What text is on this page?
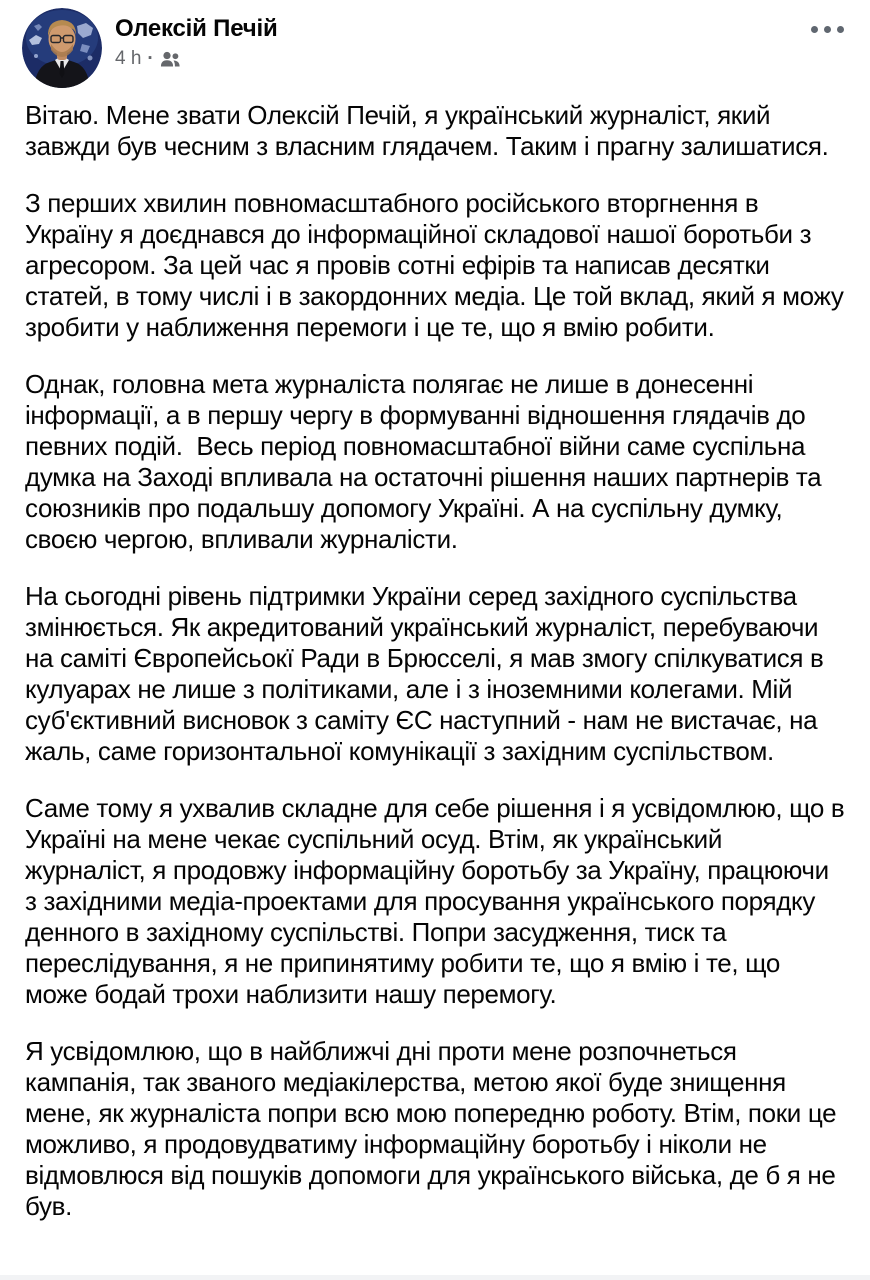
Олексій Печій
4 h ·

Вітаю. Мене звати Олексій Печій, я український журналіст, який завжди був чесним з власним глядачем. Таким і прагну залишатися.

З перших хвилин повномасштабного російського вторгнення в Україну я доєднався до інформаційної складової нашої боротьби з агресором. За цей час я провів сотні ефірів та написав десятки статей, в тому числі і в закордонних медіа. Це той вклад, який я можу зробити у наближення перемоги і це те, що я вмію робити.

Однак, головна мета журналіста полягає не лише в донесенні інформації, а в першу чергу в формуванні відношення глядачів до певних подій.  Весь період повномасштабної війни саме суспільна думка на Заході впливала на остаточні рішення наших партнерів та союзників про подальшу допомогу Україні. А на суспільну думку, своєю чергою, впливали журналісти.

На сьогодні рівень підтримки України серед західного суспільства змінюється. Як акредитований український журналіст, перебуваючи на саміті Європейсьокї Ради в Брюсселі, я мав змогу спілкуватися в кулуарах не лише з політиками, але і з іноземними колегами. Мій суб'єктивний висновок з саміту ЄС наступний - нам не вистачає, на жаль, саме горизонтальної комунікації з західним суспільством.

Саме тому я ухвалив складне для себе рішення і я усвідомлюю, що в Україні на мене чекає суспільний осуд. Втім, як український журналіст, я продовжу інформаційну боротьбу за Україну, працюючи з західними медіа-проектами для просування українського порядку денного в західному суспільстві. Попри засудження, тиск та переслідування, я не припинятиму робити те, що я вмію і те, що може бодай трохи наблизити нашу перемогу.

Я усвідомлюю, що в найближчі дні проти мене розпочнеться кампанія, так званого медіакілерства, метою якої буде знищення мене, як журналіста попри всю мою попередню роботу. Втім, поки це можливо, я продовудватиму інформаційну боротьбу і ніколи не відмовлюся від пошуків допомоги для українського війська, де б я не був.
